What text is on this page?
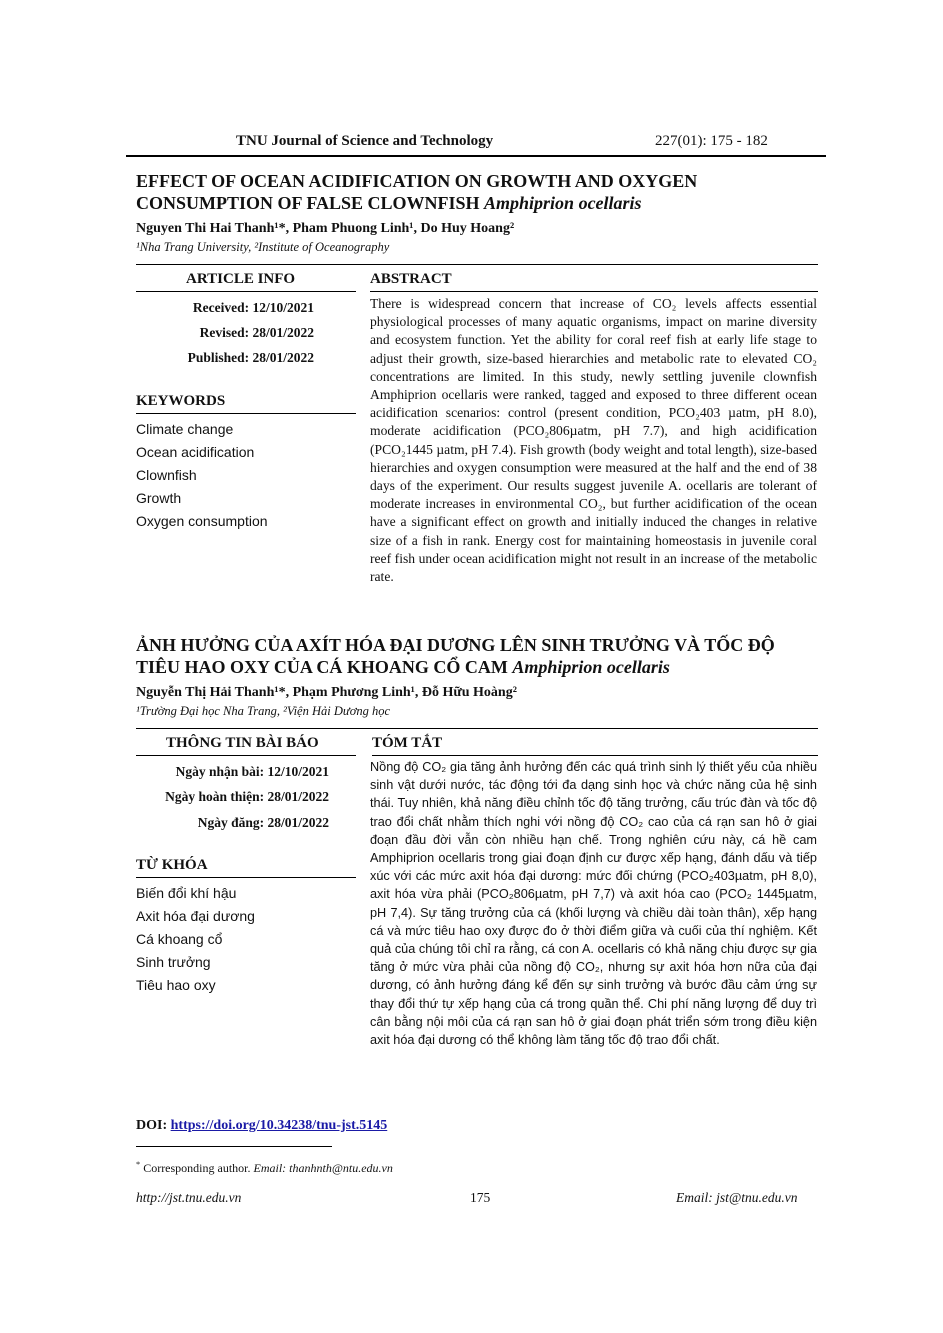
TNU Journal of Science and Technology	227(01): 175 - 182
EFFECT OF OCEAN ACIDIFICATION ON GROWTH AND OXYGEN
CONSUMPTION OF FALSE CLOWNFISH Amphiprion ocellaris
Nguyen Thi Hai Thanh¹*, Pham Phuong Linh¹, Do Huy Hoang²
¹Nha Trang University, ²Institute of Oceanography
ARTICLE INFO	ABSTRACT
Received: 12/10/2021
Revised: 28/01/2022
Published: 28/01/2022
KEYWORDS
Climate change
Ocean acidification
Clownfish
Growth
Oxygen consumption
There is widespread concern that increase of CO₂ levels affects essential physiological processes of many aquatic organisms, impact on marine diversity and ecosystem function. Yet the ability for coral reef fish at early life stage to adjust their growth, size-based hierarchies and metabolic rate to elevated CO₂ concentrations are limited. In this study, newly settling juvenile clownfish Amphiprion ocellaris were ranked, tagged and exposed to three different ocean acidification scenarios: control (present condition, PCO₂403 µatm, pH 8.0), moderate acidification (PCO₂806µatm, pH 7.7), and high acidification (PCO₂1445 µatm, pH 7.4). Fish growth (body weight and total length), size-based hierarchies and oxygen consumption were measured at the half and the end of 38 days of the experiment. Our results suggest juvenile A. ocellaris are tolerant of moderate increases in environmental CO₂, but further acidification of the ocean have a significant effect on growth and initially induced the changes in relative size of a fish in rank. Energy cost for maintaining homeostasis in juvenile coral reef fish under ocean acidification might not result in an increase of the metabolic rate.
ẢNH HƯỞNG CỦA AXÍT HÓA ĐẠI DƯƠNG LÊN SINH TRƯỞNG VÀ TỐC ĐỘ
TIÊU HAO OXY CỦA CÁ KHOANG CỔ CAM Amphiprion ocellaris
Nguyễn Thị Hải Thanh¹*, Phạm Phương Linh¹, Đỗ Hữu Hoàng²
¹Trường Đại học Nha Trang, ²Viện Hải Dương học
THÔNG TIN BÀI BÁO	TÓM TẮT
Ngày nhận bài: 12/10/2021
Ngày hoàn thiện: 28/01/2022
Ngày đăng: 28/01/2022
TỪ KHÓA
Biến đổi khí hậu
Axit hóa đại dương
Cá khoang cổ
Sinh trưởng
Tiêu hao oxy
Nồng độ CO₂ gia tăng ảnh hưởng đến các quá trình sinh lý thiết yếu của nhiều sinh vật dưới nước, tác động tới đa dạng sinh học và chức năng của hệ sinh thái. Tuy nhiên, khả năng điều chỉnh tốc độ tăng trưởng, cấu trúc đàn và tốc độ trao đổi chất nhằm thích nghi với nồng độ CO₂ cao của cá rạn san hô ở giai đoạn đầu đời vẫn còn nhiều hạn chế. Trong nghiên cứu này, cá hề cam Amphiprion ocellaris trong giai đoạn định cư được xếp hạng, đánh dấu và tiếp xúc với các mức axit hóa đại dương: mức đối chứng (PCO₂403µatm, pH 8,0), axit hóa vừa phải (PCO₂806µatm, pH 7,7) và axit hóa cao (PCO₂ 1445µatm, pH 7,4). Sự tăng trưởng của cá (khối lượng và chiều dài toàn thân), xếp hạng cá và mức tiêu hao oxy được đo ở thời điểm giữa và cuối của thí nghiệm. Kết quả của chúng tôi chỉ ra rằng, cá con A. ocellaris có khả năng chịu được sự gia tăng ở mức vừa phải của nồng độ CO₂, nhưng sự axit hóa hơn nữa của đại dương, có ảnh hưởng đáng kể đến sự sinh trưởng và bước đầu cảm ứng sự thay đổi thứ tự xếp hạng của cá trong quần thể. Chi phí năng lượng để duy trì cân bằng nội môi của cá rạn san hô ở giai đoạn phát triển sớm trong điều kiện axit hóa đại dương có thể không làm tăng tốc độ trao đổi chất.
DOI: https://doi.org/10.34238/tnu-jst.5145
* Corresponding author. Email: thanhnth@ntu.edu.vn
http://jst.tnu.edu.vn	175	Email: jst@tnu.edu.vn
